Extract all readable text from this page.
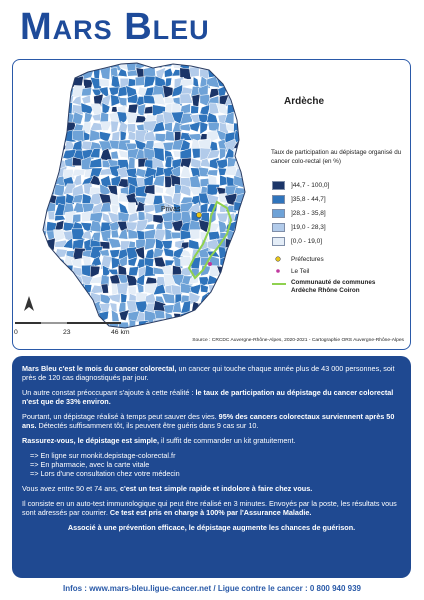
Mars Bleu
Ardèche
Taux de participation au dépistage organisé du cancer colo-rectal (en %)
]44,7 - 100,0]
]35,8 - 44,7]
]28,3 - 35,8]
]19,0 - 28,3]
[0,0 - 19,0]
Préfectures
Le Teil
Communauté de communes
Ardèche Rhône Coiron
Privas
0	23	46 km
Source : CRCDC Auvergne-Rhône-Alpes, 2020-2021 - Cartographie ORS Auvergne-Rhône-Alpes

Mars Bleu c'est le mois du cancer colorectal, un cancer qui touche chaque année plus de 43 000 personnes, soit près de 120 cas diagnostiqués par jour.

Un autre constat préoccupant s'ajoute à cette réalité : le taux de participation au dépistage du cancer colorectal n'est que de 33% environ.

Pourtant, un dépistage réalisé à temps peut sauver des vies. 95% des cancers colorectaux surviennent après 50 ans. Détectés suffisamment tôt, ils peuvent être guéris dans 9 cas sur 10.

Rassurez-vous, le dépistage est simple, il suffit de commander un kit gratuitement.

=> En ligne sur monkit.depistage-colorectal.fr
=> En pharmacie, avec la carte vitale
=> Lors d'une consultation chez votre médecin

Vous avez entre 50 et 74 ans, c'est un test simple rapide et indolore à faire chez vous.

Il consiste en un auto-test immunologique qui peut être réalisé en 3 minutes. Envoyés par la poste, les résultats vous sont adressés par courrier. Ce test est pris en charge à 100% par l'Assurance Maladie.

Associé à une prévention efficace, le dépistage augmente les chances de guérison.

Infos : www.mars-bleu.ligue-cancer.net / Ligue contre le cancer : 0 800 940 939
